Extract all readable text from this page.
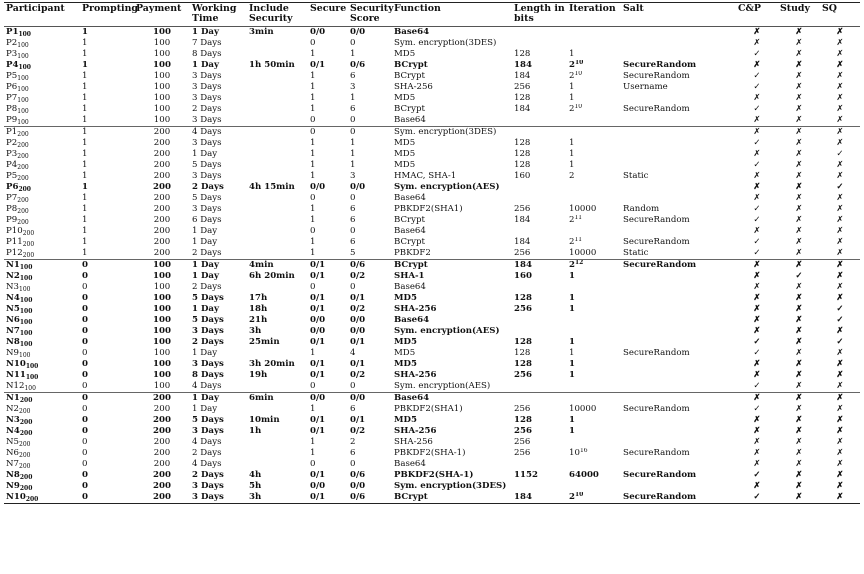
Participant	Prompting	Payment	Working Time	Include Security	Secure	Security Score	Function	Length in bits	Iteration	Salt	C&P	Study	SQ
$P1_{100}$	1	100	1 Day	3min	0/0	0/0	Base64				✗	✗	✗
$P2_{100}$	1	100	7 Days		0	0	Sym. encryption(3DES)				✗	✗	✗
$P3_{100}$	1	100	8 Days		1	1	MD5	128	1		✓	✗	✗
$P4_{100}$	1	100	1 Day	1h 50min	0/1	0/6	BCrypt	184	$2^{10}$	SecureRandom	✗	✗	✗
$P5_{100}$	1	100	3 Days		1	6	BCrypt	184	$2^{10}$	SecureRandom	✓	✗	✗
$P6_{100}$	1	100	3 Days		1	3	SHA-256	256	1	Username	✓	✗	✗
$P7_{100}$	1	100	3 Days		1	1	MD5	128	1		✗	✗	✗
$P8_{100}$	1	100	2 Days		1	6	BCrypt	184	$2^{10}$	SecureRandom	✓	✗	✗
$P9_{100}$	1	100	3 Days		0	0	Base64				✗	✗	✗
$P1_{200}$	1	200	4 Days		0	0	Sym. encryption(3DES)				✗	✗	✗
$P2_{200}$	1	200	3 Days		1	1	MD5	128	1		✓	✗	✗
$P3_{200}$	1	200	1 Day		1	1	MD5	128	1		✗	✗	✓
$P4_{200}$	1	200	5 Days		1	1	MD5	128	1		✓	✗	✗
$P5_{200}$	1	200	3 Days		1	3	HMAC, SHA-1	160	2	Static	✗	✗	✗
$P6_{200}$	1	200	2 Days	4h 15min	0/0	0/0	Sym. encryption(AES)				✗	✗	✓
$P7_{200}$	1	200	5 Days		0	0	Base64				✗	✗	✗
$P8_{200}$	1	200	3 Days		1	6	PBKDF2(SHA1)	256	10000	Random	✓	✗	✗
$P9_{200}$	1	200	6 Days		1	6	BCrypt	184	$2^{11}$	SecureRandom	✓	✗	✗
$P10_{200}$	1	200	1 Day		0	0	Base64				✗	✗	✗
$P11_{200}$	1	200	1 Day		1	6	BCrypt	184	$2^{11}$	SecureRandom	✓	✗	✗
$P12_{200}$	1	200	2 Days		1	5	PBKDF2	256	10000	Static	✓	✗	✗
$N1_{100}$	0	100	1 Day	4min	0/1	0/6	BCrypt	184	$2^{12}$	SecureRandom	✗	✗	✗
$N2_{100}$	0	100	1 Day	6h 20min	0/1	0/2	SHA-1	160	1		✗	✓	✗
$N3_{100}$	0	100	2 Days		0	0	Base64				✗	✗	✗
$N4_{100}$	0	100	5 Days	17h	0/1	0/1	MD5	128	1		✗	✗	✗
$N5_{100}$	0	100	1 Day	18h	0/1	0/2	SHA-256	256	1		✗	✗	✓
$N6_{100}$	0	100	5 Days	21h	0/0	0/0	Base64				✗	✗	✓
$N7_{100}$	0	100	3 Days	3h	0/0	0/0	Sym. encryption(AES)				✗	✗	✗
$N8_{100}$	0	100	2 Days	25min	0/1	0/1	MD5	128	1		✓	✗	✓
$N9_{100}$	0	100	1 Day		1	4	MD5	128	1	SecureRandom	✓	✗	✗
$N10_{100}$	0	100	3 Days	3h 20min	0/1	0/1	MD5	128	1		✗	✗	✗
$N11_{100}$	0	100	8 Days	19h	0/1	0/2	SHA-256	256	1		✗	✗	✗
$N12_{100}$	0	100	4 Days		0	0	Sym. encryption(AES)				✓	✗	✗
$N1_{200}$	0	200	1 Day	6min	0/0	0/0	Base64				✗	✗	✗
$N2_{200}$	0	200	1 Day		1	6	PBKDF2(SHA1)	256	10000	SecureRandom	✓	✗	✗
$N3_{200}$	0	200	5 Days	10min	0/1	0/1	MD5	128	1		✗	✗	✗
$N4_{200}$	0	200	3 Days	1h	0/1	0/2	SHA-256	256	1		✗	✗	✗
$N5_{200}$	0	200	4 Days		1	2	SHA-256	256			✗	✗	✗
$N6_{200}$	0	200	2 Days		1	6	PBKDF2(SHA-1)	256	$10^{16}$	SecureRandom	✗	✗	✗
$N7_{200}$	0	200	4 Days		0	0	Base64				✗	✗	✗
$N8_{200}$	0	200	2 Days	4h	0/1	0/6	PBKDF2(SHA-1)	1152	64000	SecureRandom	✓	✗	✗
$N9_{200}$	0	200	3 Days	5h	0/0	0/0	Sym. encryption(3DES)				✗	✗	✗
$N10_{200}$	0	200	3 Days	3h	0/1	0/6	BCrypt	184	$2^{10}$	SecureRandom	✓	✗	✗
